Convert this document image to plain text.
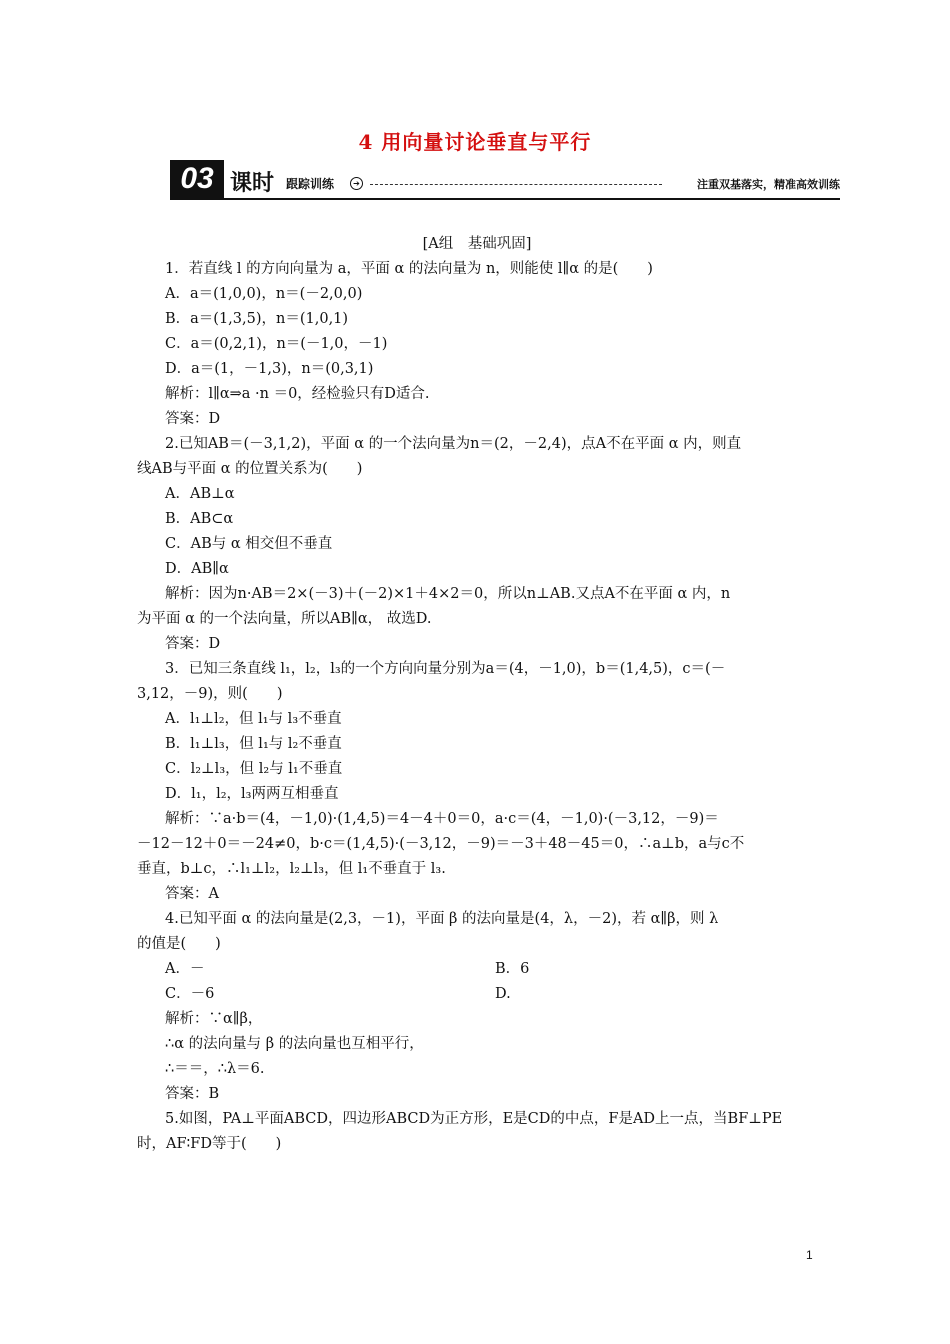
4 用向量讨论垂直与平行
03 课时 跟踪训练	➔	注重双基落实，精准高效训练
[A组　基础巩固]
1．若直线 l 的方向向量为 a，平面 α 的法向量为 n，则能使 l∥α 的是(　　)
A．a＝(1,0,0)，n＝(－2,0,0)
B．a＝(1,3,5)，n＝(1,0,1)
C．a＝(0,2,1)，n＝(－1,0，－1)
D．a＝(1，－1,3)，n＝(0,3,1)
解析：l∥α⇒a ·n ＝0，经检验只有D适合.
答案：D
2.已知AB＝(－3,1,2)，平面 α 的一个法向量为n＝(2，－2,4)，点A不在平面 α 内，则直
线AB与平面 α 的位置关系为(　　)
A．AB⊥α
B．AB⊂α
C．AB与 α 相交但不垂直
D．AB∥α
解析：因为n·AB＝2×(－3)＋(－2)×1＋4×2＝0，所以n⊥AB.又点A不在平面 α 内，n
为平面 α 的一个法向量，所以AB∥α， 故选D.
答案：D
3．已知三条直线 l₁，l₂，l₃的一个方向向量分别为a＝(4，－1,0)，b＝(1,4,5)，c＝(－
3,12，－9)，则(　　)
A．l₁⊥l₂，但 l₁与 l₃不垂直
B．l₁⊥l₃，但 l₁与 l₂不垂直
C．l₂⊥l₃，但 l₂与 l₁不垂直
D．l₁，l₂，l₃两两互相垂直
解析：∵a·b＝(4，－1,0)·(1,4,5)＝4－4＋0＝0，a·c＝(4，－1,0)·(－3,12，－9)＝
－12－12＋0＝－24≠0，b·c＝(1,4,5)·(－3,12，－9)＝－3＋48－45＝0，∴a⊥b，a与c不
垂直，b⊥c，∴l₁⊥l₂，l₂⊥l₃，但 l₁不垂直于 l₃.
答案：A
4.已知平面 α 的法向量是(2,3，－1)，平面 β 的法向量是(4，λ，－2)，若 α∥β，则 λ
的值是(　　)
A．－	B．6
C．－6	D.
解析：∵α∥β，
∴α 的法向量与 β 的法向量也互相平行，
∴＝＝，∴λ＝6.
答案：B
5.如图，PA⊥平面ABCD，四边形ABCD为正方形，E是CD的中点，F是AD上一点，当BF⊥PE
时，AF∶FD等于(　　)
1
